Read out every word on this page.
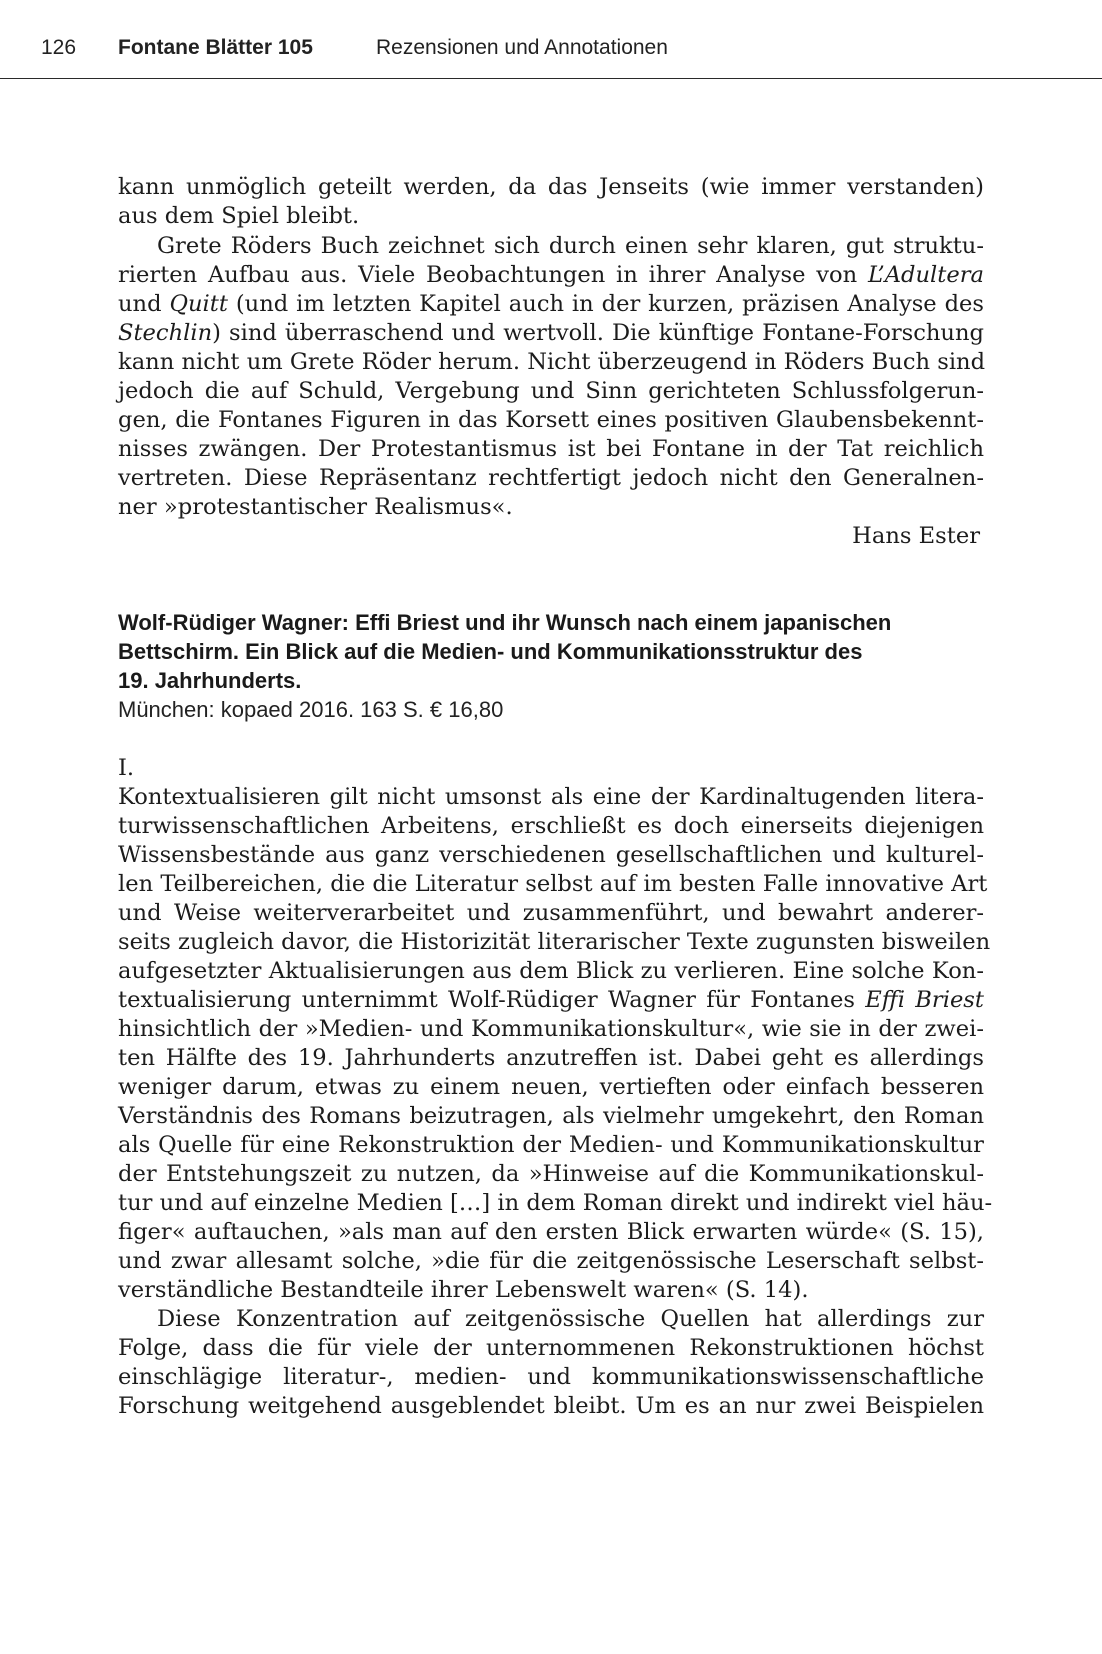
126 Fontane Blätter 105	Rezensionen und Annotationen
kann unmöglich geteilt werden, da das Jenseits (wie immer verstanden)
aus dem Spiel bleibt.
Grete Röders Buch zeichnet sich durch einen sehr klaren, gut struktu-
rierten Aufbau aus. Viele Beobachtungen in ihrer Analyse von L’Adultera
und Quitt (und im letzten Kapitel auch in der kurzen, präzisen Analyse des
Stechlin) sind überraschend und wertvoll. Die künftige Fontane-Forschung
kann nicht um Grete Röder herum. Nicht überzeugend in Röders Buch sind
jedoch die auf Schuld, Vergebung und Sinn gerichteten Schlussfolgerun-
gen, die Fontanes Figuren in das Korsett eines positiven Glaubensbekennt-
nisses zwängen. Der Protestantismus ist bei Fontane in der Tat reichlich
vertreten. Diese Repräsentanz rechtfertigt jedoch nicht den Generalnen-
ner »protestantischer Realismus«.
Hans Ester
Wolf-Rüdiger Wagner: Effi Briest und ihr Wunsch nach einem japanischen
Bettschirm. Ein Blick auf die Medien- und Kommunikationsstruktur des
19. Jahrhunderts.
München: kopaed 2016. 163 S. € 16,80
I.
Kontextualisieren gilt nicht umsonst als eine der Kardinaltugenden litera-
turwissenschaftlichen Arbeitens, erschließt es doch einerseits diejenigen
Wissensbestände aus ganz verschiedenen gesellschaftlichen und kulturel-
len Teilbereichen, die die Literatur selbst auf im besten Falle innovative Art
und Weise weiterverarbeitet und zusammenführt, und bewahrt anderer-
seits zugleich davor, die Historizität literarischer Texte zugunsten bisweilen
aufgesetzter Aktualisierungen aus dem Blick zu verlieren. Eine solche Kon-
textualisierung unternimmt Wolf-Rüdiger Wagner für Fontanes Effi Briest
hinsichtlich der »Medien- und Kommunikationskultur«, wie sie in der zwei-
ten Hälfte des 19. Jahrhunderts anzutreffen ist. Dabei geht es allerdings
weniger darum, etwas zu einem neuen, vertieften oder einfach besseren
Verständnis des Romans beizutragen, als vielmehr umgekehrt, den Roman
als Quelle für eine Rekonstruktion der Medien- und Kommunikationskultur
der Entstehungszeit zu nutzen, da »Hinweise auf die Kommunikationskul-
tur und auf einzelne Medien […] in dem Roman direkt und indirekt viel häu-
figer« auftauchen, »als man auf den ersten Blick erwarten würde« (S. 15),
und zwar allesamt solche, »die für die zeitgenössische Leserschaft selbst-
verständliche Bestandteile ihrer Lebenswelt waren« (S. 14).
Diese Konzentration auf zeitgenössische Quellen hat allerdings zur
Folge, dass die für viele der unternommenen Rekonstruktionen höchst
einschlägige literatur-, medien- und kommunikationswissenschaftliche
Forschung weitgehend ausgeblendet bleibt. Um es an nur zwei Beispielen
